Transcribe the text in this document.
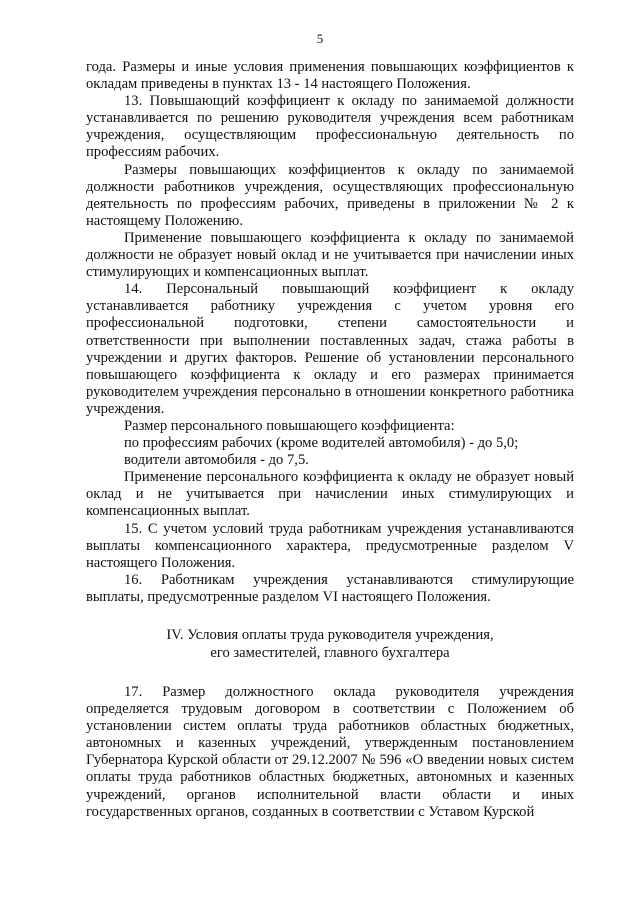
5

года. Размеры и иные условия применения повышающих коэффициентов к окладам приведены в пунктах 13 - 14 настоящего Положения.

13. Повышающий коэффициент к окладу по занимаемой должности устанавливается по решению руководителя учреждения всем работникам учреждения, осуществляющим профессиональную деятельность по профессиям рабочих.

Размеры повышающих коэффициентов к окладу по занимаемой должности работников учреждения, осуществляющих профессиональную деятельность по профессиям рабочих, приведены в приложении № 2 к настоящему Положению.

Применение повышающего коэффициента к окладу по занимаемой должности не образует новый оклад и не учитывается при начислении иных стимулирующих и компенсационных выплат.

14. Персональный повышающий коэффициент к окладу устанавливается работнику учреждения с учетом уровня его профессиональной подготовки, степени самостоятельности и ответственности при выполнении поставленных задач, стажа работы в учреждении и других факторов. Решение об установлении персонального повышающего коэффициента к окладу и его размерах принимается руководителем учреждения персонально в отношении конкретного работника учреждения.

Размер персонального повышающего коэффициента:

по профессиям рабочих (кроме водителей автомобиля) - до 5,0;

водители автомобиля - до 7,5.

Применение персонального коэффициента к окладу не образует новый оклад и не учитывается при начислении иных стимулирующих и компенсационных выплат.

15. С учетом условий труда работникам учреждения устанавливаются выплаты компенсационного характера, предусмотренные разделом V настоящего Положения.

16. Работникам учреждения устанавливаются стимулирующие выплаты, предусмотренные разделом VI настоящего Положения.

IV. Условия оплаты труда руководителя учреждения,
его заместителей, главного бухгалтера

17. Размер должностного оклада руководителя учреждения определяется трудовым договором в соответствии с Положением об установлении систем оплаты труда работников областных бюджетных, автономных и казенных учреждений, утвержденным постановлением Губернатора Курской области от 29.12.2007 № 596 «О введении новых систем оплаты труда работников областных бюджетных, автономных и казенных учреждений, органов исполнительной власти области и иных государственных органов, созданных в соответствии с Уставом Курской
